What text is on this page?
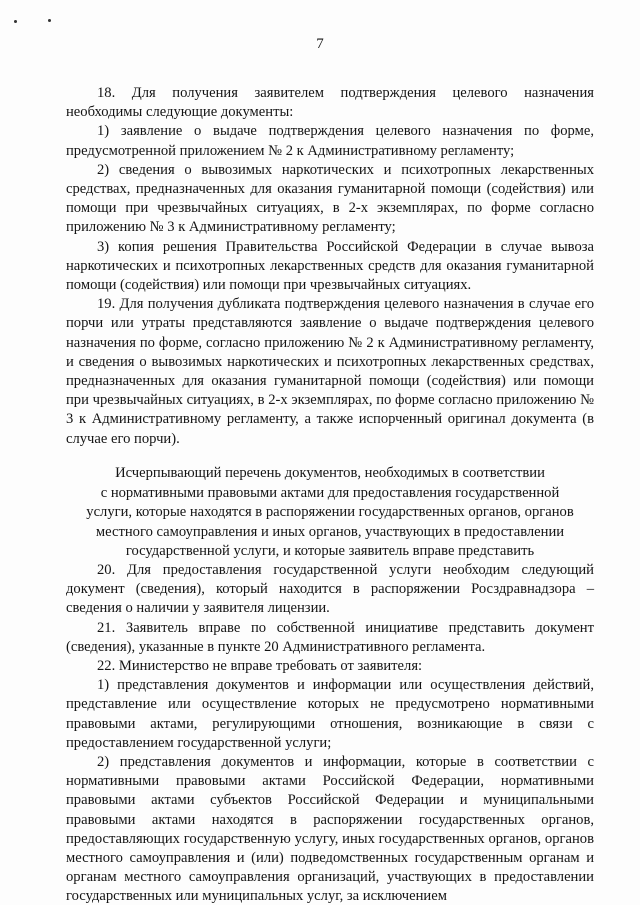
7

18. Для получения заявителем подтверждения целевого назначения необходимы следующие документы:

1) заявление о выдаче подтверждения целевого назначения по форме, предусмотренной приложением № 2 к Административному регламенту;

2) сведения о вывозимых наркотических и психотропных лекарственных средствах, предназначенных для оказания гуманитарной помощи (содействия) или помощи при чрезвычайных ситуациях, в 2-х экземплярах, по форме согласно приложению № 3 к Административному регламенту;

3) копия решения Правительства Российской Федерации в случае вывоза наркотических и психотропных лекарственных средств для оказания гуманитарной помощи (содействия) или помощи при чрезвычайных ситуациях.

19. Для получения дубликата подтверждения целевого назначения в случае его порчи или утраты представляются заявление о выдаче подтверждения целевого назначения по форме, согласно приложению № 2 к Административному регламенту, и сведения о вывозимых наркотических и психотропных лекарственных средствах, предназначенных для оказания гуманитарной помощи (содействия) или помощи при чрезвычайных ситуациях, в 2-х экземплярах, по форме согласно приложению № 3 к Административному регламенту, а также испорченный оригинал документа (в случае его порчи).

Исчерпывающий перечень документов, необходимых в соответствии
с нормативными правовыми актами для предоставления государственной
услуги, которые находятся в распоряжении государственных органов, органов
местного самоуправления и иных органов, участвующих в предоставлении
государственной услуги, и которые заявитель вправе представить

20. Для предоставления государственной услуги необходим следующий документ (сведения), который находится в распоряжении Росздравнадзора – сведения о наличии у заявителя лицензии.

21. Заявитель вправе по собственной инициативе представить документ (сведения), указанные в пункте 20 Административного регламента.

22. Министерство не вправе требовать от заявителя:

1) представления документов и информации или осуществления действий, представление или осуществление которых не предусмотрено нормативными правовыми актами, регулирующими отношения, возникающие в связи с предоставлением государственной услуги;

2) представления документов и информации, которые в соответствии с нормативными правовыми актами Российской Федерации, нормативными правовыми актами субъектов Российской Федерации и муниципальными правовыми актами находятся в распоряжении государственных органов, предоставляющих государственную услугу, иных государственных органов, органов местного самоуправления и (или) подведомственных государственным органам и органам местного самоуправления организаций, участвующих в предоставлении государственных или муниципальных услуг, за исключением
